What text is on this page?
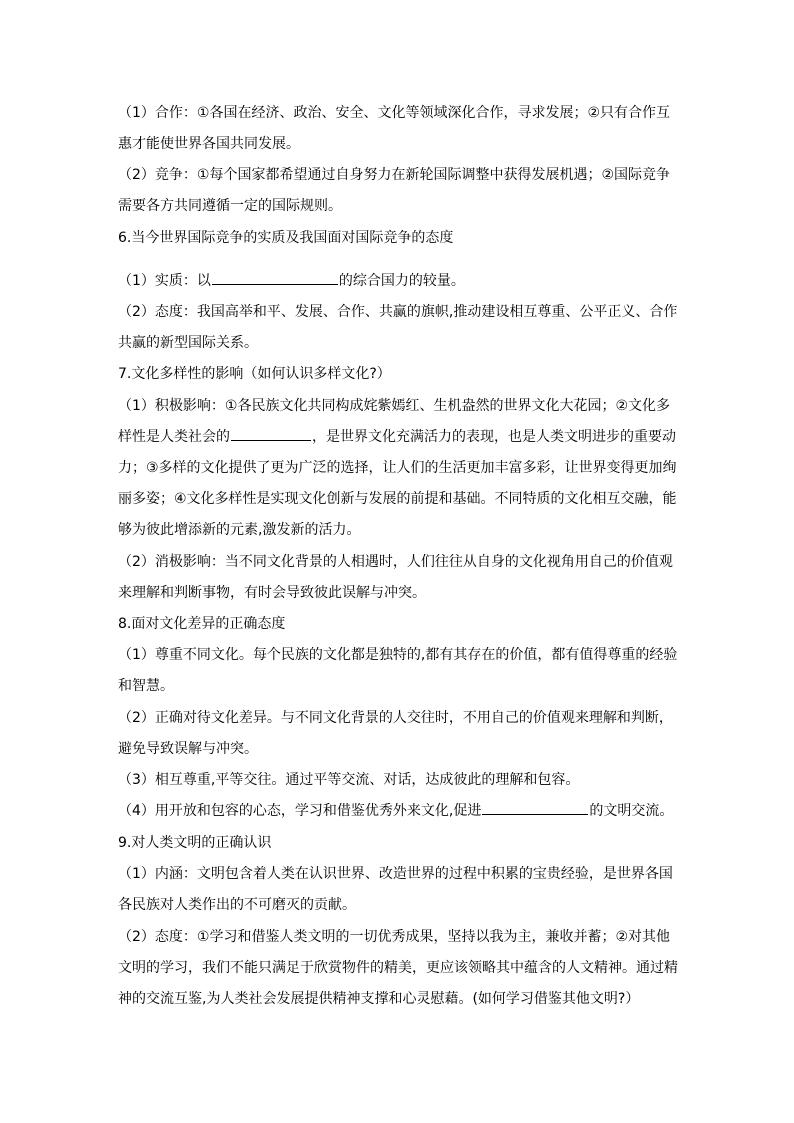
（1）合作：①各国在经济、政治、安全、文化等领域深化合作，寻求发展；②只有合作互
惠才能使世界各国共同发展。
（2）竞争：①每个国家都希望通过自身努力在新轮国际调整中获得发展机遇；②国际竞争
需要各方共同遵循一定的国际规则。
6.当今世界国际竞争的实质及我国面对国际竞争的态度
（1）实质：以	的综合国力的较量。
（2）态度：我国高举和平、发展、合作、共赢的旗帜,推动建设相互尊重、公平正义、合作
共赢的新型国际关系。
7.文化多样性的影响（如何认识多样文化?）
（1）积极影响：①各民族文化共同构成姹紫嫣红、生机盎然的世界文化大花园；②文化多
样性是人类社会的	，是世界文化充满活力的表现，也是人类文明进步的重要动
力；③多样的文化提供了更为广泛的选择，让人们的生活更加丰富多彩，让世界变得更加绚
丽多姿；④文化多样性是实现文化创新与发展的前提和基础。不同特质的文化相互交融，能
够为彼此增添新的元素,激发新的活力。
（2）消极影响：当不同文化背景的人相遇时，人们往往从自身的文化视角用自己的价值观
来理解和判断事物，有时会导致彼此误解与冲突。
8.面对文化差异的正确态度
（1）尊重不同文化。每个民族的文化都是独特的,都有其存在的价值，都有值得尊重的经验
和智慧。
（2）正确对待文化差异。与不同文化背景的人交往时，不用自己的价值观来理解和判断，
避免导致误解与冲突。
（3）相互尊重,平等交往。通过平等交流、对话，达成彼此的理解和包容。
（4）用开放和包容的心态，学习和借鉴优秀外来文化,促进	的文明交流。
9.对人类文明的正确认识
（1）内涵：文明包含着人类在认识世界、改造世界的过程中积累的宝贵经验，是世界各国
各民族对人类作出的不可磨灭的贡献。
（2）态度：①学习和借鉴人类文明的一切优秀成果，坚持以我为主，兼收并蓄；②对其他
文明的学习，我们不能只满足于欣赏物件的精美，更应该领略其中蕴含的人文精神。通过精
神的交流互鉴,为人类社会发展提供精神支撑和心灵慰藉。(如何学习借鉴其他文明?）
